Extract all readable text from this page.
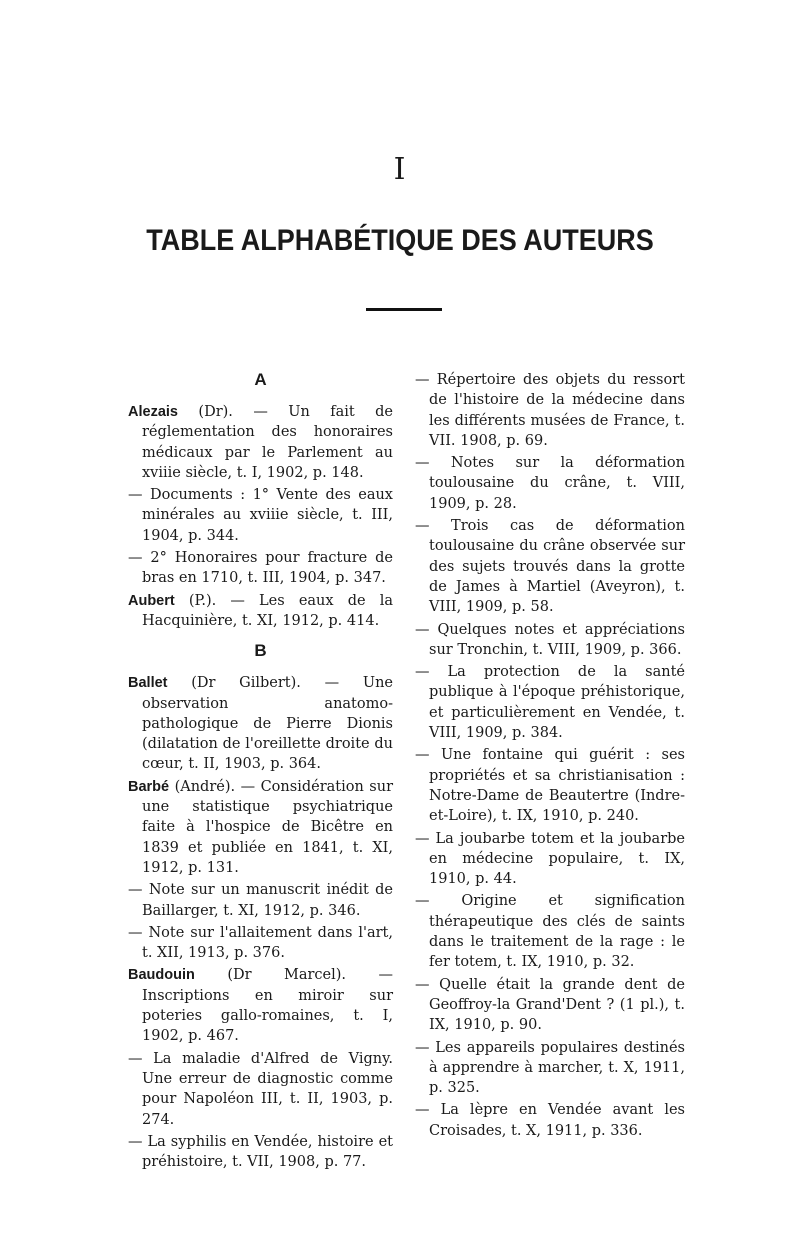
I
TABLE ALPHABÉTIQUE DES AUTEURS
A

Alezais (Dr). — Un fait de réglementation des honoraires médicaux par le Parlement au xviiie siècle, t. I, 1902, p. 148.

— Documents : 1° Vente des eaux minérales au xviiie siècle, t. III, 1904, p. 344.

— 2° Honoraires pour fracture de bras en 1710, t. III, 1904, p. 347.

Aubert (P.). — Les eaux de la Hacquinière, t. XI, 1912, p. 414.

B

Ballet (Dr Gilbert). — Une observation anatomo-pathologique de Pierre Dionis (dilatation de l'oreillette droite du cœur, t. II, 1903, p. 364.

Barbé (André). — Considération sur une statistique psychiatrique faite à l'hospice de Bicêtre en 1839 et publiée en 1841, t. XI, 1912, p. 131.

— Note sur un manuscrit inédit de Baillarger, t. XI, 1912, p. 346.

— Note sur l'allaitement dans l'art, t. XII, 1913, p. 376.

Baudouin (Dr Marcel). — Inscriptions en miroir sur poteries gallo-romaines, t. I, 1902, p. 467.

— La maladie d'Alfred de Vigny. Une erreur de diagnostic comme pour Napoléon III, t. II, 1903, p. 274.

— La syphilis en Vendée, histoire et préhistoire, t. VII, 1908, p. 77.

— Répertoire des objets du ressort de l'histoire de la médecine dans les différents musées de France, t. VII. 1908, p. 69.

— Notes sur la déformation toulousaine du crâne, t. VIII, 1909, p. 28.

— Trois cas de déformation toulousaine du crâne observée sur des sujets trouvés dans la grotte de James à Martiel (Aveyron), t. VIII, 1909, p. 58.

— Quelques notes et appréciations sur Tronchin, t. VIII, 1909, p. 366.

— La protection de la santé publique à l'époque préhistorique, et particulièrement en Vendée, t. VIII, 1909, p. 384.

— Une fontaine qui guérit : ses propriétés et sa christianisation : Notre-Dame de Beautertre (Indre-et-Loire), t. IX, 1910, p. 240.

— La joubarbe totem et la joubarbe en médecine populaire, t. IX, 1910, p. 44.

— Origine et signification thérapeutique des clés de saints dans le traitement de la rage : le fer totem, t. IX, 1910, p. 32.

— Quelle était la grande dent de Geoffroy-la Grand'Dent ? (1 pl.), t. IX, 1910, p. 90.

— Les appareils populaires destinés à apprendre à marcher, t. X, 1911, p. 325.

— La lèpre en Vendée avant les Croisades, t. X, 1911, p. 336.
